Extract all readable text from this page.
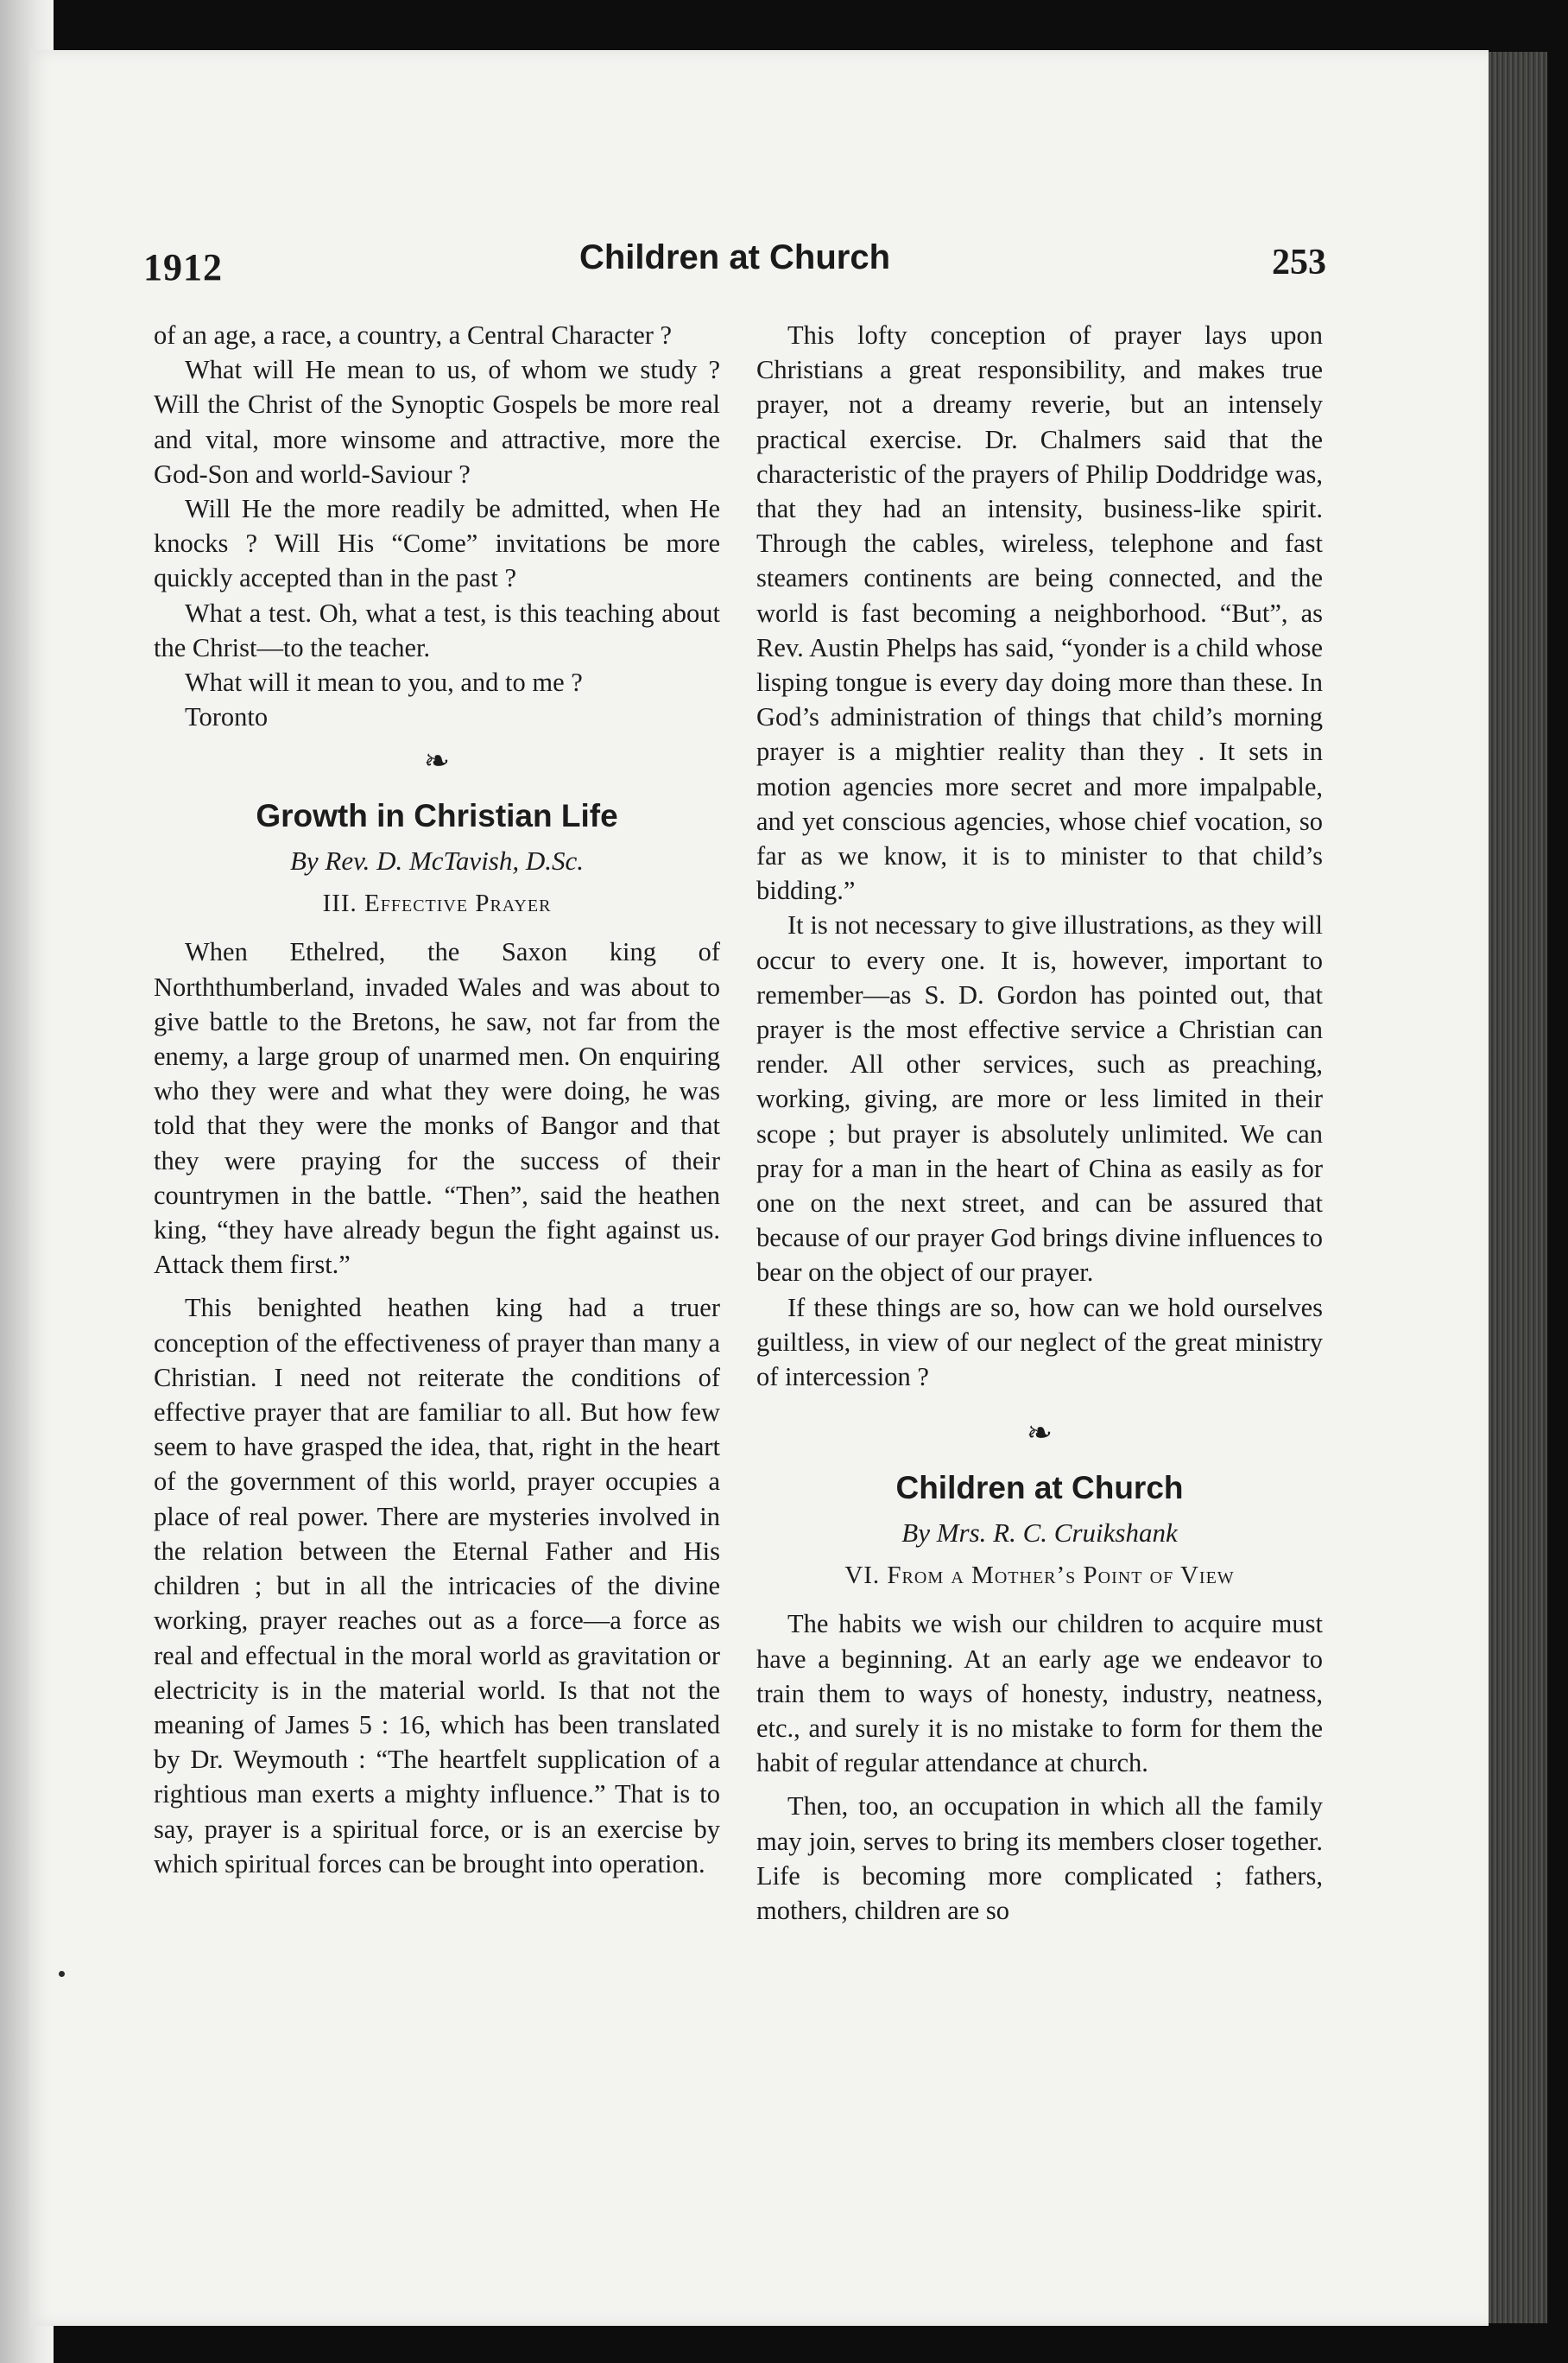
1912	Children at Church	253

of an age, a race, a country, a Central Character ?

What will He mean to us, of whom we study ? Will the Christ of the Synoptic Gospels be more real and vital, more winsome and attractive, more the God-Son and world-Saviour ?

Will He the more readily be admitted, when He knocks ? Will His “Come” invitations be more quickly accepted than in the past ?

What a test. Oh, what a test, is this teaching about the Christ—to the teacher.

What will it mean to you, and to me ?

Toronto

❧
Growth in Christian Life
By Rev. D. McTavish, D.Sc.
III. Effective Prayer

When Ethelred, the Saxon king of Norththumberland, invaded Wales and was about to give battle to the Bretons, he saw, not far from the enemy, a large group of unarmed men. On enquiring who they were and what they were doing, he was told that they were the monks of Bangor and that they were praying for the success of their countrymen in the battle. “Then”, said the heathen king, “they have already begun the fight against us. Attack them first.”

This benighted heathen king had a truer conception of the effectiveness of prayer than many a Christian. I need not reiterate the conditions of effective prayer that are familiar to all. But how few seem to have grasped the idea, that, right in the heart of the government of this world, prayer occupies a place of real power. There are mysteries involved in the relation between the Eternal Father and His children ; but in all the intricacies of the divine working, prayer reaches out as a force—a force as real and effectual in the moral world as gravitation or electricity is in the material world. Is that not the meaning of James 5 : 16, which has been translated by Dr. Weymouth : “The heartfelt supplication of a rightious man exerts a mighty influence.” That is to say, prayer is a spiritual force, or is an exercise by which spiritual forces can be brought into operation.

This lofty conception of prayer lays upon Christians a great responsibility, and makes true prayer, not a dreamy reverie, but an intensely practical exercise. Dr. Chalmers said that the characteristic of the prayers of Philip Doddridge was, that they had an intensity, business-like spirit. Through the cables, wireless, telephone and fast steamers continents are being connected, and the world is fast becoming a neighborhood. “But”, as Rev. Austin Phelps has said, “yonder is a child whose lisping tongue is every day doing more than these. In God’s administration of things that child’s morning prayer is a mightier reality than they . It sets in motion agencies more secret and more impalpable, and yet conscious agencies, whose chief vocation, so far as we know, it is to minister to that child’s bidding.”

It is not necessary to give illustrations, as they will occur to every one. It is, however, important to remember—as S. D. Gordon has pointed out, that prayer is the most effective service a Christian can render. All other services, such as preaching, working, giving, are more or less limited in their scope ; but prayer is absolutely unlimited. We can pray for a man in the heart of China as easily as for one on the next street, and can be assured that because of our prayer God brings divine influences to bear on the object of our prayer.

If these things are so, how can we hold ourselves guiltless, in view of our neglect of the great ministry of intercession ?

❧
Children at Church
By Mrs. R. C. Cruikshank
VI. From a Mother’s Point of View

The habits we wish our children to acquire must have a beginning. At an early age we endeavor to train them to ways of honesty, industry, neatness, etc., and surely it is no mistake to form for them the habit of regular attendance at church.

Then, too, an occupation in which all the family may join, serves to bring its members closer together. Life is becoming more complicated ; fathers, mothers, children are so
